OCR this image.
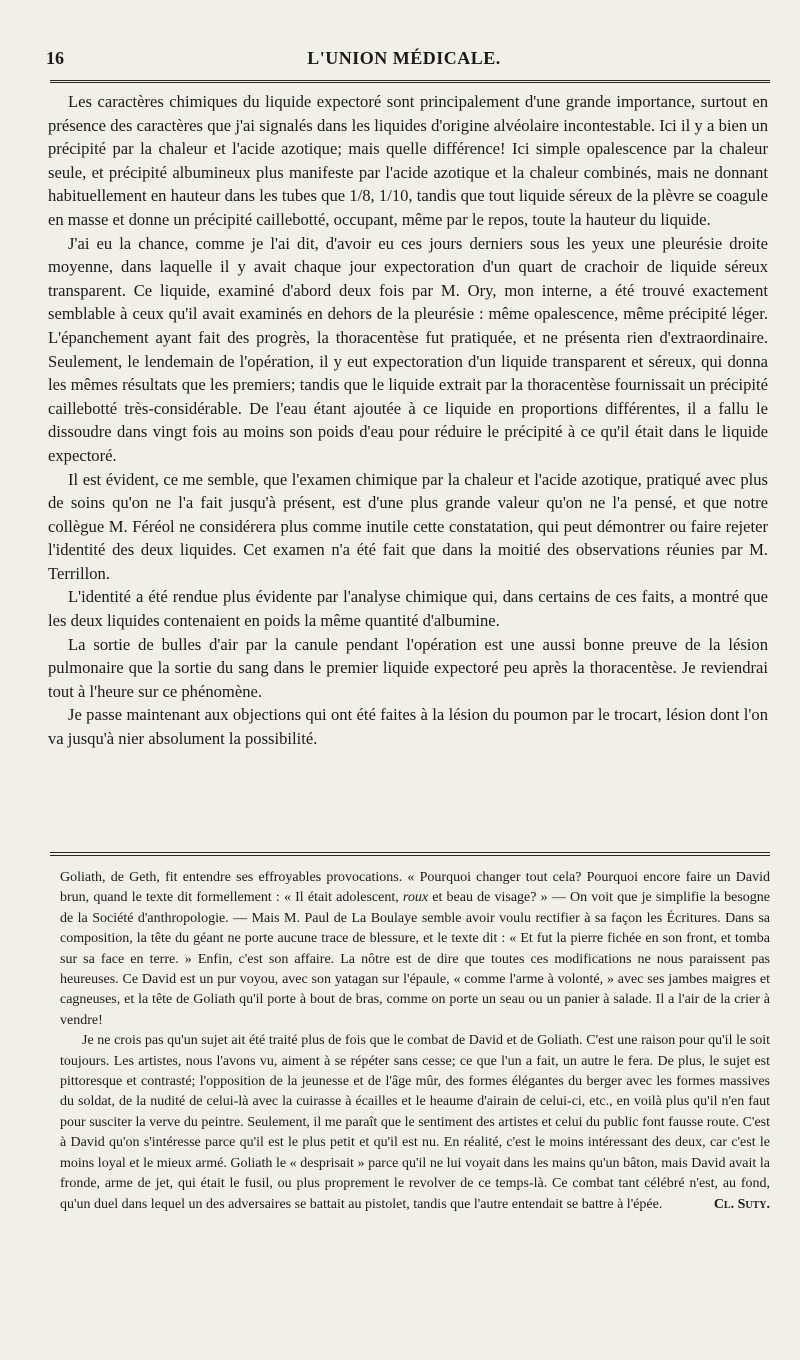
16	L'UNION MÉDICALE.

Les caractères chimiques du liquide expectoré sont principalement d'une grande importance, surtout en présence des caractères que j'ai signalés dans les liquides d'origine alvéolaire incontestable. Ici il y a bien un précipité par la chaleur et l'acide azotique; mais quelle différence! Ici simple opalescence par la chaleur seule, et précipité albumineux plus manifeste par l'acide azotique et la chaleur combinés, mais ne donnant habituellement en hauteur dans les tubes que 1/8, 1/10, tandis que tout liquide séreux de la plèvre se coagule en masse et donne un précipité caillebotté, occupant, même par le repos, toute la hauteur du liquide.

J'ai eu la chance, comme je l'ai dit, d'avoir eu ces jours derniers sous les yeux une pleurésie droite moyenne, dans laquelle il y avait chaque jour expectoration d'un quart de crachoir de liquide séreux transparent. Ce liquide, examiné d'abord deux fois par M. Ory, mon interne, a été trouvé exactement semblable à ceux qu'il avait examinés en dehors de la pleurésie : même opalescence, même précipité léger. L'épanchement ayant fait des progrès, la thoracentèse fut pratiquée, et ne présenta rien d'extraordinaire. Seulement, le lendemain de l'opération, il y eut expectoration d'un liquide transparent et séreux, qui donna les mêmes résultats que les premiers; tandis que le liquide extrait par la thoracentèse fournissait un précipité caillebotté très-considérable. De l'eau étant ajoutée à ce liquide en proportions différentes, il a fallu le dissoudre dans vingt fois au moins son poids d'eau pour réduire le précipité à ce qu'il était dans le liquide expectoré.

Il est évident, ce me semble, que l'examen chimique par la chaleur et l'acide azotique, pratiqué avec plus de soins qu'on ne l'a fait jusqu'à présent, est d'une plus grande valeur qu'on ne l'a pensé, et que notre collègue M. Féréol ne considérera plus comme inutile cette constatation, qui peut démontrer ou faire rejeter l'identité des deux liquides. Cet examen n'a été fait que dans la moitié des observations réunies par M. Terrillon.

L'identité a été rendue plus évidente par l'analyse chimique qui, dans certains de ces faits, a montré que les deux liquides contenaient en poids la même quantité d'albumine.

La sortie de bulles d'air par la canule pendant l'opération est une aussi bonne preuve de la lésion pulmonaire que la sortie du sang dans le premier liquide expectoré peu après la thoracentèse. Je reviendrai tout à l'heure sur ce phénomène.

Je passe maintenant aux objections qui ont été faites à la lésion du poumon par le trocart, lésion dont l'on va jusqu'à nier absolument la possibilité.

Goliath, de Geth, fit entendre ses effroyables provocations. « Pourquoi changer tout cela? Pourquoi encore faire un David brun, quand le texte dit formellement : « Il était adolescent, roux et beau de visage? » — On voit que je simplifie la besogne de la Société d'anthropologie. — Mais M. Paul de La Boulaye semble avoir voulu rectifier à sa façon les Écritures. Dans sa composition, la tête du géant ne porte aucune trace de blessure, et le texte dit : « Et fut la pierre fichée en son front, et tomba sur sa face en terre. » Enfin, c'est son affaire. La nôtre est de dire que toutes ces modifications ne nous paraissent pas heureuses. Ce David est un pur voyou, avec son yatagan sur l'épaule, « comme l'arme à volonté, » avec ses jambes maigres et cagneuses, et la tête de Goliath qu'il porte à bout de bras, comme on porte un seau ou un panier à salade. Il a l'air de la crier à vendre!

Je ne crois pas qu'un sujet ait été traité plus de fois que le combat de David et de Goliath. C'est une raison pour qu'il le soit toujours. Les artistes, nous l'avons vu, aiment à se répéter sans cesse; ce que l'un a fait, un autre le fera. De plus, le sujet est pittoresque et contrasté; l'opposition de la jeunesse et de l'âge mûr, des formes élégantes du berger avec les formes massives du soldat, de la nudité de celui-là avec la cuirasse à écailles et le heaume d'airain de celui-ci, etc., en voilà plus qu'il n'en faut pour susciter la verve du peintre. Seulement, il me paraît que le sentiment des artistes et celui du public font fausse route. C'est à David qu'on s'intéresse parce qu'il est le plus petit et qu'il est nu. En réalité, c'est le moins intéressant des deux, car c'est le moins loyal et le mieux armé. Goliath le « desprisait » parce qu'il ne lui voyait dans les mains qu'un bâton, mais David avait la fronde, arme de jet, qui était le fusil, ou plus proprement le revolver de ce temps-là. Ce combat tant célébré n'est, au fond, qu'un duel dans lequel un des adversaires se battait au pistolet, tandis que l'autre entendait se battre à l'épée.	Cl. Suty.
